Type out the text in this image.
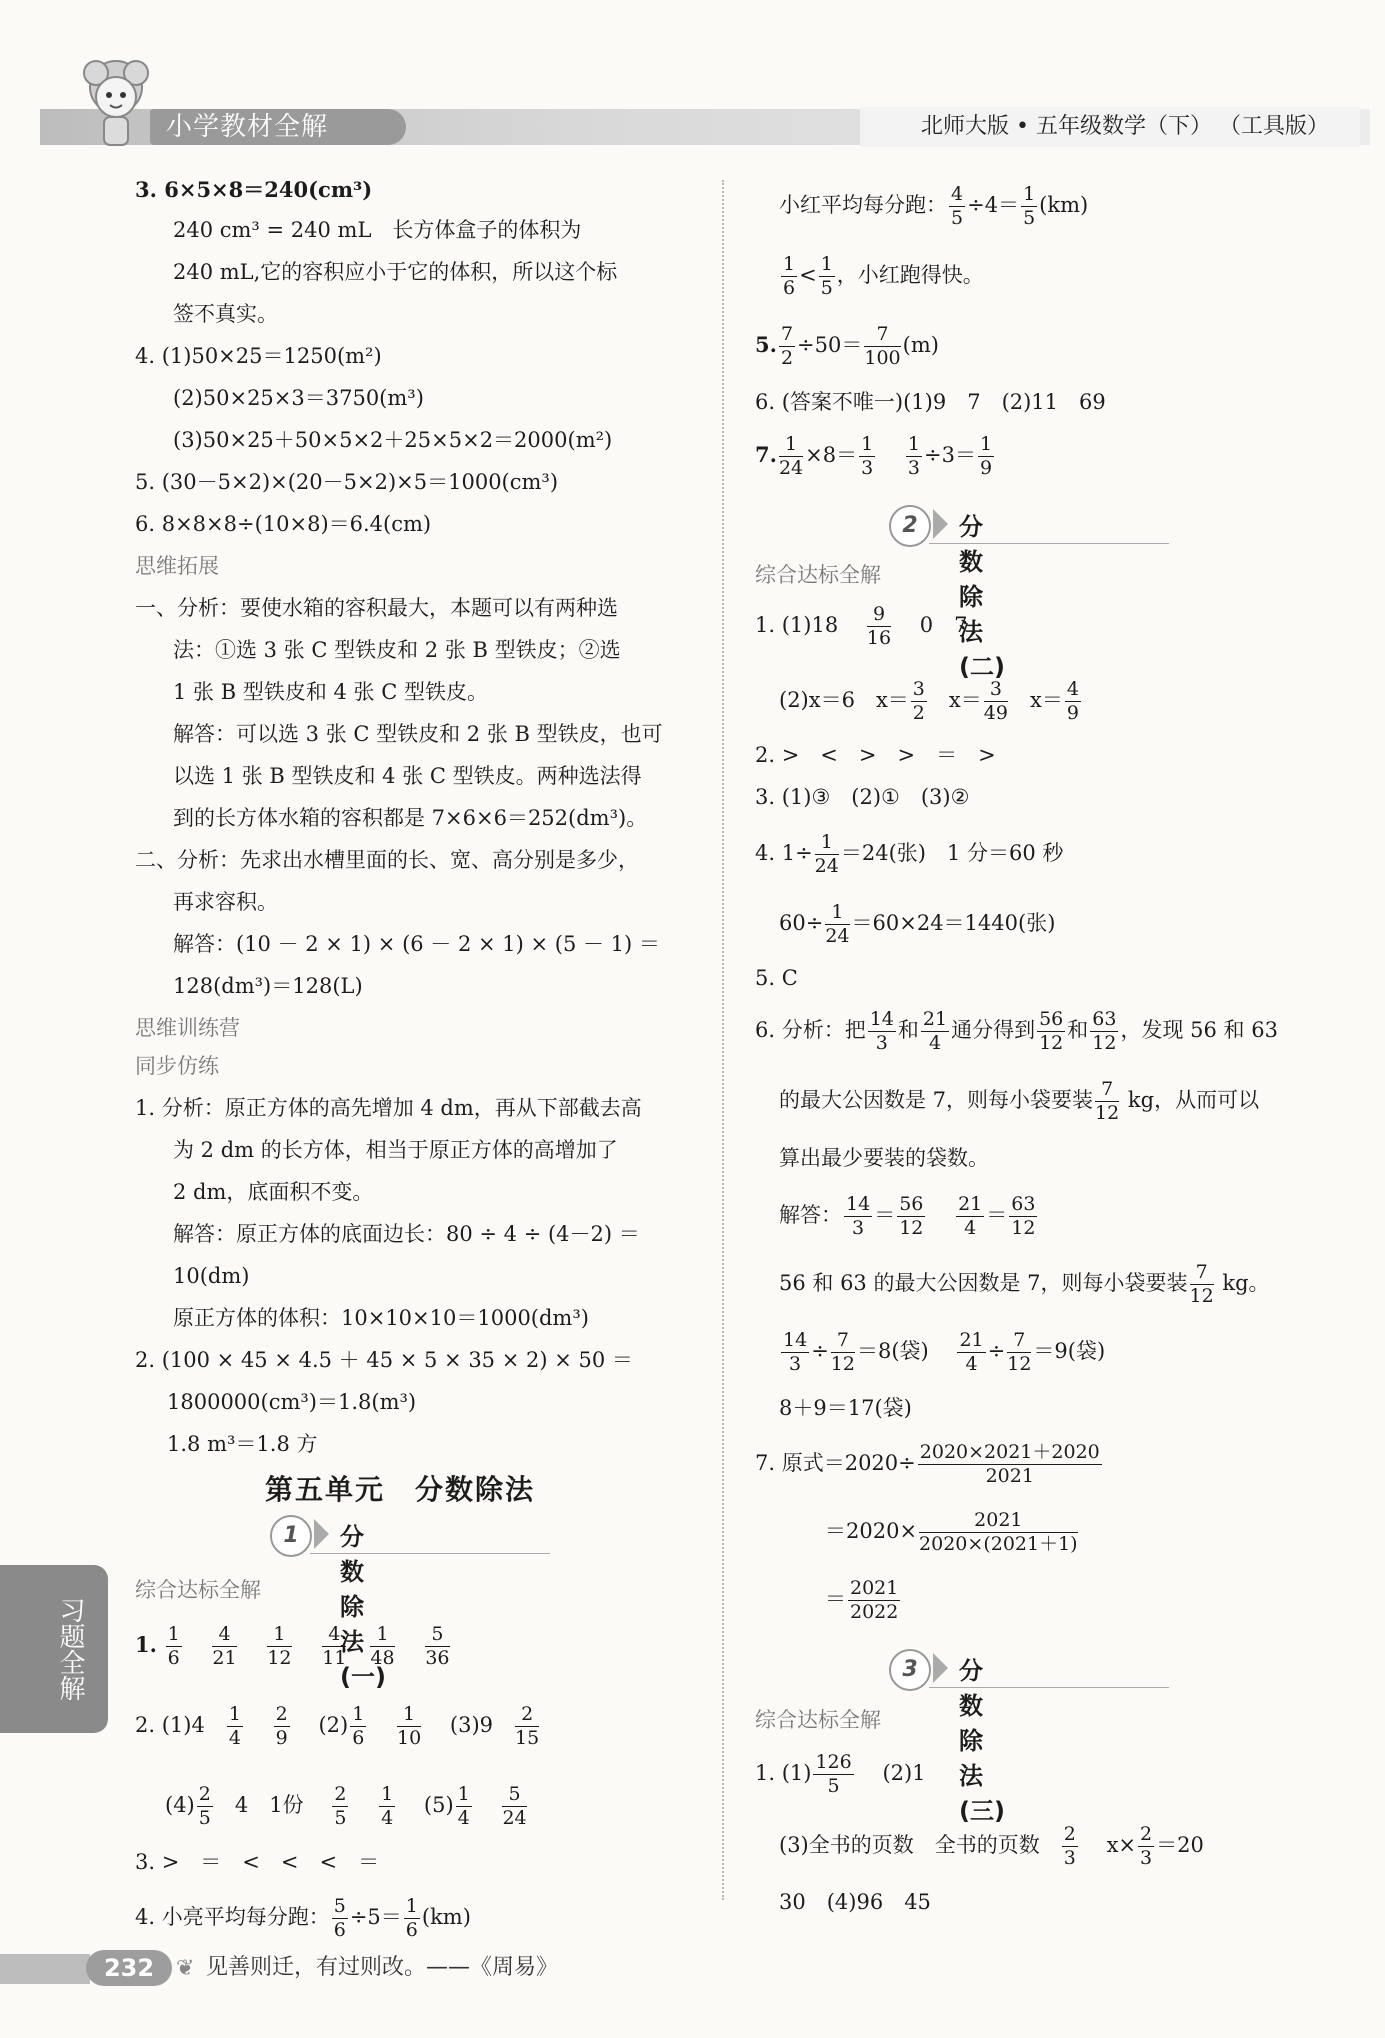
小学教材全解	北师大版 • 五年级数学（下） （工具版）
3. 6×5×8＝240(cm³)
240 cm³ = 240 mL　长方体盒子的体积为
240 mL,它的容积应小于它的体积，所以这个标
签不真实。
4. (1)50×25＝1250(m²)
(2)50×25×3＝3750(m³)
(3)50×25＋50×5×2＋25×5×2＝2000(m²)
5. (30－5×2)×(20－5×2)×5＝1000(cm³)
6. 8×8×8÷(10×8)＝6.4(cm)
思维拓展
一、分析：要使水箱的容积最大，本题可以有两种选
法：①选 3 张 C 型铁皮和 2 张 B 型铁皮；②选
1 张 B 型铁皮和 4 张 C 型铁皮。
解答：可以选 3 张 C 型铁皮和 2 张 B 型铁皮，也可
以选 1 张 B 型铁皮和 4 张 C 型铁皮。两种选法得
到的长方体水箱的容积都是 7×6×6＝252(dm³)。
二、分析：先求出水槽里面的长、宽、高分别是多少，
再求容积。
解答：(10 － 2 × 1) × (6 － 2 × 1) × (5 － 1) ＝
128(dm³)＝128(L)
思维训练营
同步仿练
1. 分析：原正方体的高先增加 4 dm，再从下部截去高
为 2 dm 的长方体，相当于原正方体的高增加了
2 dm，底面积不变。
解答：原正方体的底面边长：80 ÷ 4 ÷ (4－2) ＝
10(dm)
原正方体的体积：10×10×10＝1000(dm³)
2. (100 × 45 × 4.5 ＋ 45 × 5 × 35 × 2) × 50 ＝
1800000(cm³)＝1.8(m³)
1.8 m³＝1.8 方
第五单元　分数除法
1	分数除法(一)
综合达标全解
1. $\frac{1}{6}$
$\frac{4}{21}$
$\frac{1}{12}$
$\frac{4}{11}$
$\frac{1}{48}$
$\frac{5}{36}$
2. $(1)4 \frac{1}{4}$
$\frac{2}{9} (2) \frac{1}{6}$
$\frac{1}{10} (3)9 \frac{2}{15}$
$(4) \frac{2}{5} 4$　1份 $\frac{2}{5}$
$\frac{1}{4} (5) \frac{1}{4}$
$\frac{5}{24}$
3. >　＝　<　<　<　＝
4. 小亮平均每分跑： $\frac{5}{6} \div 5= \frac{1}{6} (km)$
小红平均每分跑： $\frac{4}{5} \div 4= \frac{1}{5} (km)$
$\frac{1}{6} < \frac{1}{5}$ ，小红跑得快。
5. $\frac{7}{2} \div 50= \frac{7}{100} (m)$
6. (答案不唯一)(1)9　7　(2)11　69
7. $\frac{1}{24} \times 8= \frac{1}{3}$
$\frac{1}{3} \div 3= \frac{1}{9}$
2	分数除法(二)
综合达标全解
1. $(1)18 \frac{9}{16} 0$　7
(2)x＝6　$x= \frac{3}{2} x= \frac{3}{49} x= \frac{4}{9}$
2. >　<　>　>　＝　>
3. (1)③　(2)①　(3)②
4. $1\div \frac{1}{24} =24$(张)　1 分＝60 秒
$60\div \frac{1}{24} =60\times 24=1440$(张)
5. C
6. 分析：把 $\frac{14}{3}$ 和 $\frac{21}{4}$ 通分得到 $\frac{56}{12}$ 和 $\frac{63}{12}$ ，发现 56 和 63
的最大公因数是 7，则每小袋要装 $\frac{7}{12}$ kg，从而可以
算出最少要装的袋数。
解答： $\frac{14}{3} = \frac{56}{12}$
$\frac{21}{4} = \frac{63}{12}$
56 和 63 的最大公因数是 7，则每小袋要装 $\frac{7}{12}$ kg。
$\frac{14}{3} \div \frac{7}{12} =8$(袋) $\frac{21}{4} \div \frac{7}{12} =9$(袋)
8＋9＝17(袋)
7. 原式$=2020\div \frac{2020\times 2021+2020}{2021}$
$=2020\times \frac{2021}{2020\times(2021+1)}$
＝ $\frac{2021}{2022}$
3	分数除法(三)
综合达标全解
1. $(1) \frac{126}{5} (2)1$
(3)全书的页数　全书的页数 $\frac{2}{3} x\times \frac{2}{3} =20$
30　(4)96　45
习题全解
232 ❦ 见善则迁，有过则改。——《周易》
